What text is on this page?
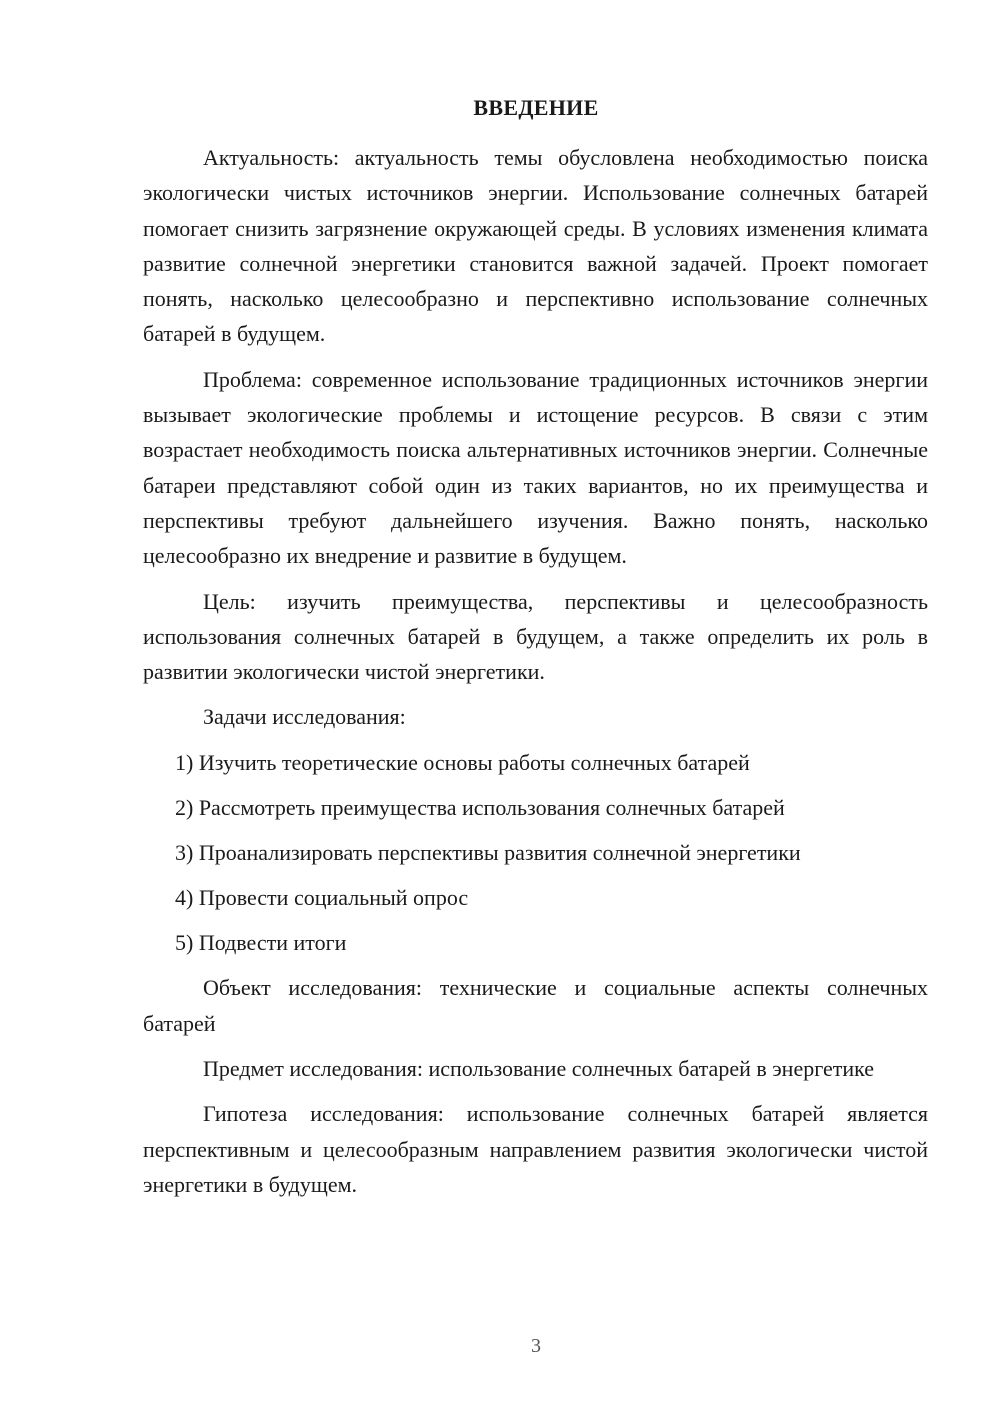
ВВЕДЕНИЕ

Актуальность: актуальность темы обусловлена необходимостью поиска экологически чистых источников энергии. Использование солнечных батарей помогает снизить загрязнение окружающей среды. В условиях изменения климата развитие солнечной энергетики становится важной задачей. Проект помогает понять, насколько целесообразно и перспективно использование солнечных батарей в будущем.

Проблема: современное использование традиционных источников энергии вызывает экологические проблемы и истощение ресурсов. В связи с этим возрастает необходимость поиска альтернативных источников энергии. Солнечные батареи представляют собой один из таких вариантов, но их преимущества и перспективы требуют дальнейшего изучения. Важно понять, насколько целесообразно их внедрение и развитие в будущем.

Цель: изучить преимущества, перспективы и целесообразность использования солнечных батарей в будущем, а также определить их роль в развитии экологически чистой энергетики.

Задачи исследования:

1) Изучить теоретические основы работы солнечных батарей
2) Рассмотреть преимущества использования солнечных батарей
3) Проанализировать перспективы развития солнечной энергетики
4) Провести социальный опрос
5) Подвести итоги

Объект исследования: технические и социальные аспекты солнечных батарей

Предмет исследования: использование солнечных батарей в энергетике

Гипотеза исследования: использование солнечных батарей является перспективным и целесообразным направлением развития экологически чистой энергетики в будущем.

3
